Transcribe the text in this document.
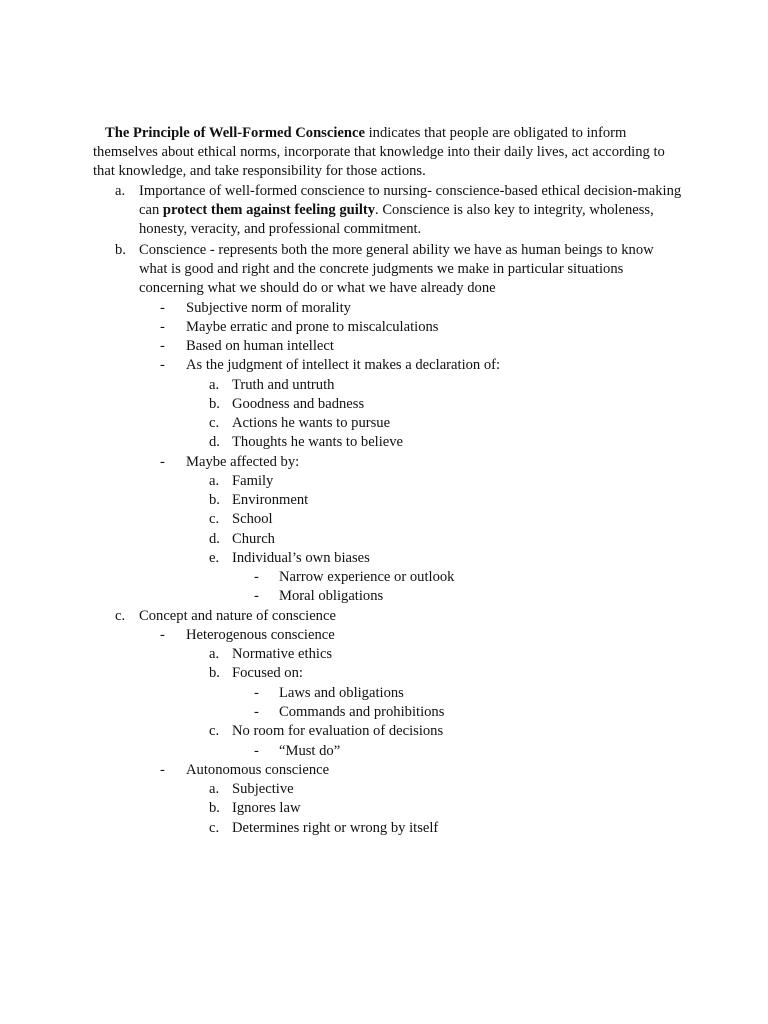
The Principle of Well-Formed Conscience indicates that people are obligated to inform themselves about ethical norms, incorporate that knowledge into their daily lives, act according to that knowledge, and take responsibility for those actions.

a. Importance of well-formed conscience to nursing- conscience-based ethical decision-making can protect them against feeling guilty. Conscience is also key to integrity, wholeness, honesty, veracity, and professional commitment.
b. Conscience - represents both the more general ability we have as human beings to know what is good and right and the concrete judgments we make in particular situations concerning what we should do or what we have already done
-	Subjective norm of morality
-	Maybe erratic and prone to miscalculations
-	Based on human intellect
-	As the judgment of intellect it makes a declaration of:
a. Truth and untruth
b. Goodness and badness
c. Actions he wants to pursue
d. Thoughts he wants to believe
-	Maybe affected by:
a. Family
b. Environment
c. School
d. Church
e. Individual’s own biases
-	Narrow experience or outlook
-	Moral obligations
c. Concept and nature of conscience
-	Heterogenous conscience
a. Normative ethics
b. Focused on:
-	Laws and obligations
-	Commands and prohibitions
c. No room for evaluation of decisions
-	“Must do”
-	Autonomous conscience
a. Subjective
b. Ignores law
c. Determines right or wrong by itself
